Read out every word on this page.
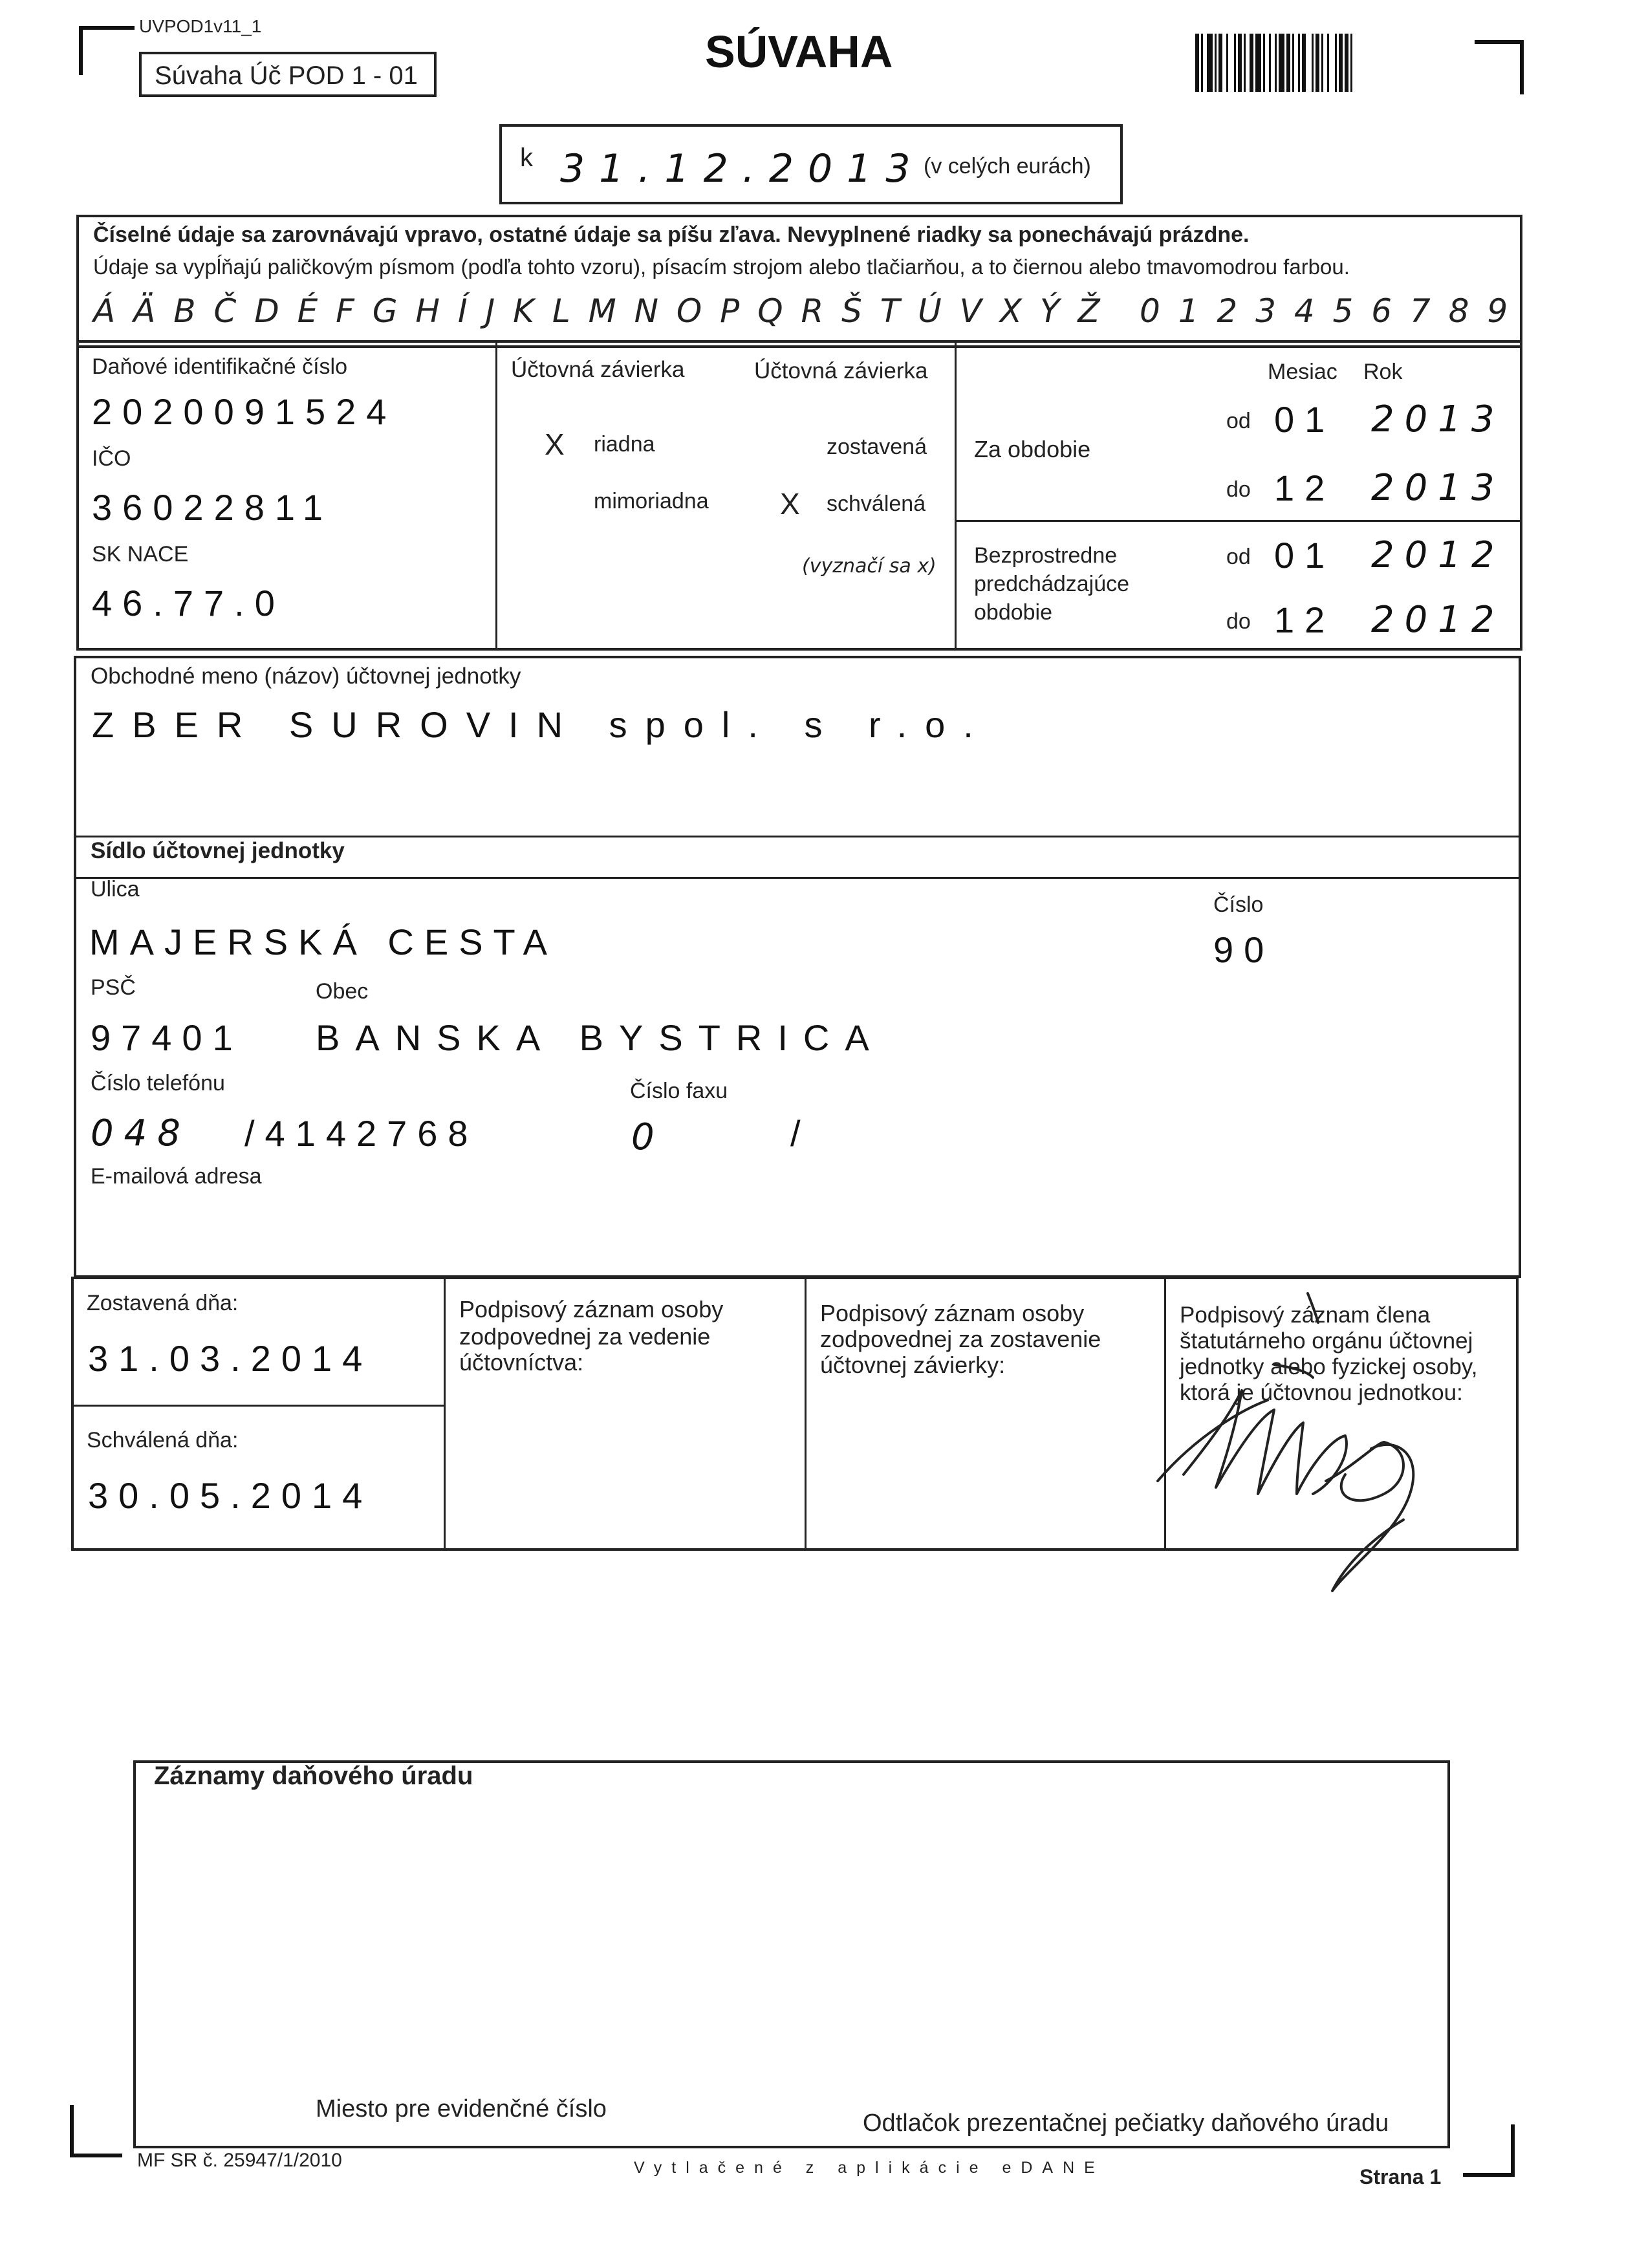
UVPOD1v11_1
Súvaha Úč POD 1 - 01	SÚVAHA
k 31.12.2013
(v celých eurách)
Číselné údaje sa zarovnávajú vpravo, ostatné údaje sa píšu zľava. Nevyplnené riadky sa ponechávajú prázdne.
Údaje sa vypĺňajú paličkovým písmom (podľa tohto vzoru), písacím strojom alebo tlačiarňou, a to čiernou alebo tmavomodrou farbou.
Á Ä B Č D É F G H Í J K L M N O P Q R Š T Ú V X Ý Ž 0 1 2 3 4 5 6 7 8 9
Daňové identifikačné číslo
2020091524
IČO
36022811
SK NACE
46.77.0
Účtovná závierka	Účtovná závierka
X riadna	zostavená
mimoriadna X schválená
(vyznačí sa x)
Mesiac Rok
Za obdobie
od 01 2013
do 12 2013
Bezprostredne
predchádzajúce
obdobie
od 01 2012
do 12 2012
Obchodné meno (názov) účtovnej jednotky
ZBER SUROVIN spol. s r.o.
Sídlo účtovnej jednotky
Ulica
MAJERSKÁ CESTA
Číslo
90
PSČ
97401
Obec
BANSKA BYSTRICA
Číslo telefónu
048 /4142768
Číslo faxu
0	/
E-mailová adresa
Zostavená dňa:
31.03.2014
Schválená dňa:
30.05.2014
Podpisový záznam osoby
zodpovednej za vedenie
účtovníctva:
Podpisový záznam osoby
zodpovednej za zostavenie
účtovnej závierky:
Podpisový záznam člena
štatutárneho orgánu účtovnej
jednotky alebo fyzickej osoby,
ktorá je účtovnou jednotkou:
Záznamy daňového úradu
Miesto pre evidenčné číslo
Odtlačok prezentačnej pečiatky daňového úradu
MF SR č. 25947/1/2010	Vytlačené z aplikácie eDANE	Strana 1
